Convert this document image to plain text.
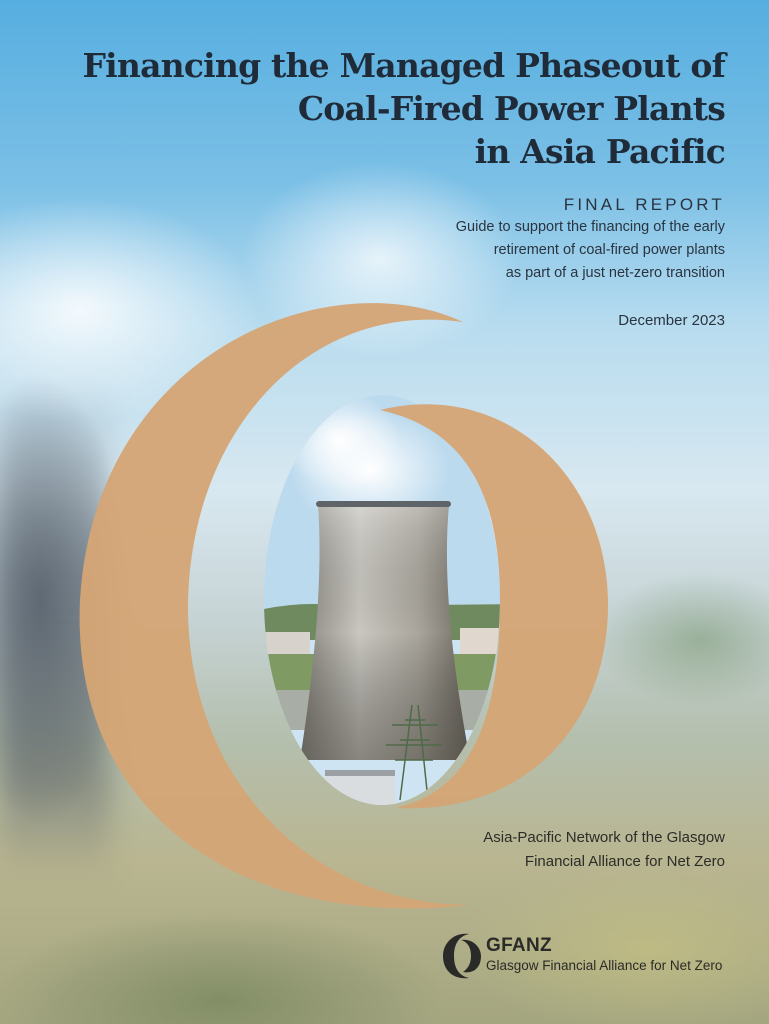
Financing the Managed Phaseout of
Coal-Fired Power Plants
in Asia Pacific
FINAL REPORT
Guide to support the financing of the early
retirement of coal-fired power plants
as part of a just net-zero transition
December 2023
Asia-Pacific Network of the Glasgow
Financial Alliance for Net Zero
GFANZ
Glasgow Financial Alliance for Net Zero
